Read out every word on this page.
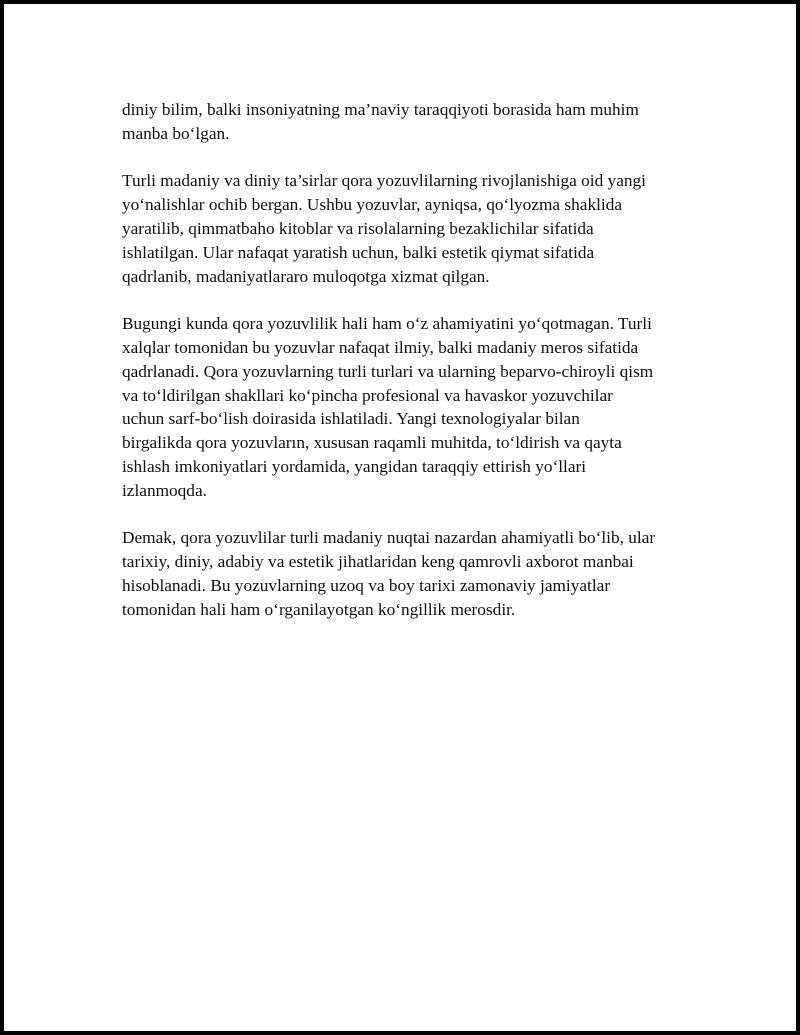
diniy bilim, balki insoniyatning ma’naviy taraqqiyoti borasida ham muhim
manba boʻlgan.

Turli madaniy va diniy ta’sirlar qora yozuvlilarning rivojlanishiga oid yangi
yoʻnalishlar ochib bergan. Ushbu yozuvlar, ayniqsa, qoʻlyozma shaklida
yaratilib, qimmatbaho kitoblar va risolalarning bezaklichilar sifatida
ishlatilgan. Ular nafaqat yaratish uchun, balki estetik qiymat sifatida
qadrlanib, madaniyatlararo muloqotga xizmat qilgan.

Bugungi kunda qora yozuvlilik hali ham oʻz ahamiyatini yoʻqotmagan. Turli
xalqlar tomonidan bu yozuvlar nafaqat ilmiy, balki madaniy meros sifatida
qadrlanadi. Qora yozuvlarning turli turlari va ularning beparvo-chiroyli qism
va toʻldirilgan shakllari koʻpincha profesional va havaskor yozuvchilar
uchun sarf-boʻlish doirasida ishlatiladi. Yangi texnologiyalar bilan
birgalikda qora yozuvların, xususan raqamli muhitda, toʻldirish va qayta
ishlash imkoniyatlari yordamida, yangidan taraqqiy ettirish yoʻllari
izlanmoqda.

Demak, qora yozuvlilar turli madaniy nuqtai nazardan ahamiyatli boʻlib, ular
tarixiy, diniy, adabiy va estetik jihatlaridan keng qamrovli axborot manbai
hisoblanadi. Bu yozuvlarning uzoq va boy tarixi zamonaviy jamiyatlar
tomonidan hali ham oʻrganilayotgan koʻngillik merosdir.
